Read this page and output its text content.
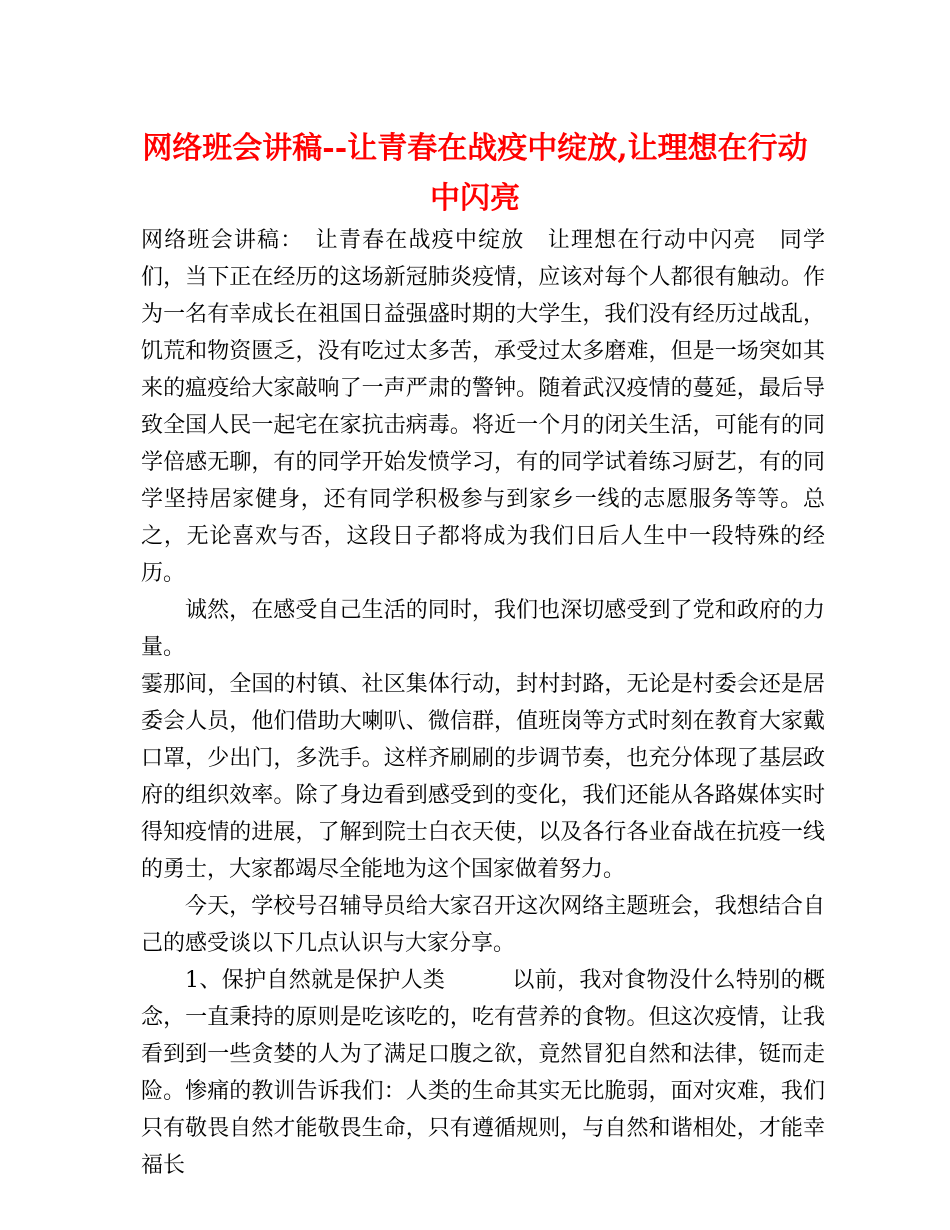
网络班会讲稿--让青春在战疫中绽放,让理想在行动中闪亮

网络班会讲稿：　让青春在战疫中绽放　让理想在行动中闪亮　同学们，当下正在经历的这场新冠肺炎疫情，应该对每个人都很有触动。作为一名有幸成长在祖国日益强盛时期的大学生，我们没有经历过战乱，饥荒和物资匮乏，没有吃过太多苦，承受过太多磨难，但是一场突如其来的瘟疫给大家敲响了一声严肃的警钟。随着武汉疫情的蔓延，最后导致全国人民一起宅在家抗击病毒。将近一个月的闭关生活，可能有的同学倍感无聊，有的同学开始发愤学习，有的同学试着练习厨艺，有的同学坚持居家健身，还有同学积极参与到家乡一线的志愿服务等等。总之，无论喜欢与否，这段日子都将成为我们日后人生中一段特殊的经历。

诚然，在感受自己生活的同时，我们也深切感受到了党和政府的力量。

霎那间，全国的村镇、社区集体行动，封村封路，无论是村委会还是居委会人员，他们借助大喇叭、微信群，值班岗等方式时刻在教育大家戴口罩，少出门，多洗手。这样齐刷刷的步调节奏，也充分体现了基层政府的组织效率。除了身边看到感受到的变化，我们还能从各路媒体实时得知疫情的进展，了解到院士白衣天使，以及各行各业奋战在抗疫一线的勇士，大家都竭尽全能地为这个国家做着努力。

今天，学校号召辅导员给大家召开这次网络主题班会，我想结合自己的感受谈以下几点认识与大家分享。

1、保护自然就是保护人类　　　以前，我对食物没什么特别的概念，一直秉持的原则是吃该吃的，吃有营养的食物。但这次疫情，让我看到到一些贪婪的人为了满足口腹之欲，竟然冒犯自然和法律，铤而走险。惨痛的教训告诉我们：人类的生命其实无比脆弱，面对灾难，我们只有敬畏自然才能敬畏生命，只有遵循规则，与自然和谐相处，才能幸福长
